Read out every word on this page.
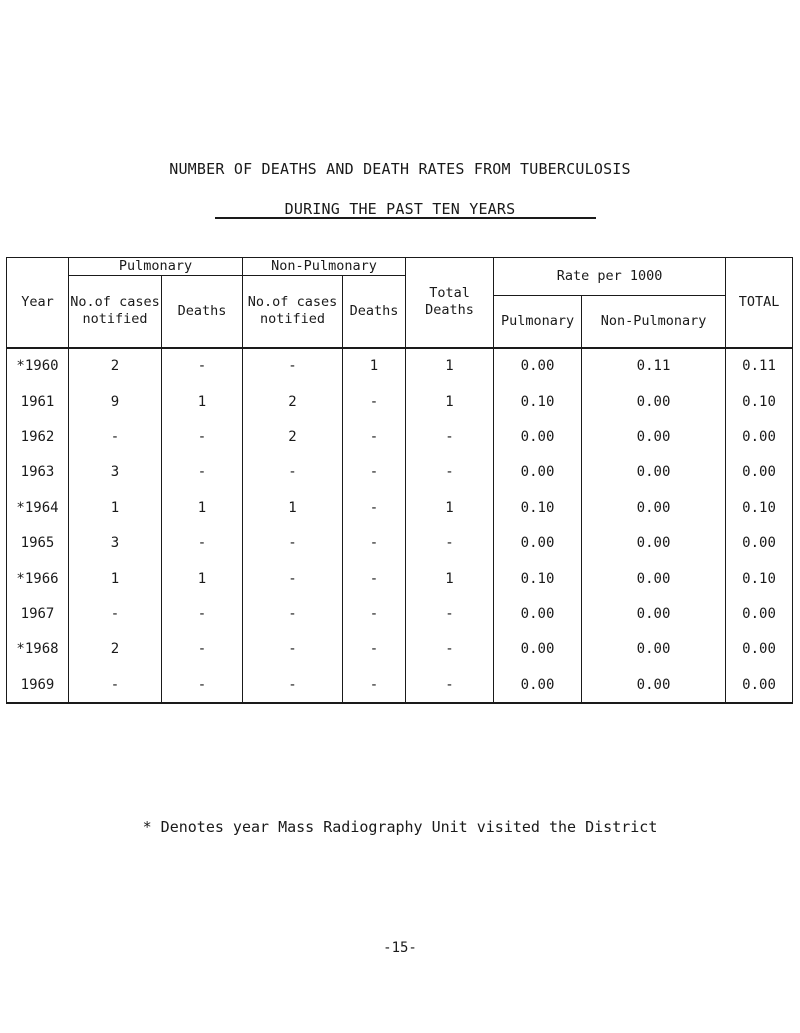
NUMBER OF DEATHS AND DEATH RATES FROM TUBERCULOSIS
DURING THE PAST TEN YEARS
Year	Pulmonary		Non-Pulmonary		Total Deaths	Rate per 1000		TOTAL
	No.of cases notified	Deaths	No.of cases notified	Deaths				
						Pulmonary	Non-Pulmonary	
*1960	2	-	-	1	1	0.00	0.11	0.11
1961	9	1	2	-	1	0.10	0.00	0.10
1962	-	-	2	-	-	0.00	0.00	0.00
1963	3	-	-	-	-	0.00	0.00	0.00
*1964	1	1	1	-	1	0.10	0.00	0.10
1965	3	-	-	-	-	0.00	0.00	0.00
*1966	1	1	-	-	1	0.10	0.00	0.10
1967	-	-	-	-	-	0.00	0.00	0.00
*1968	2	-	-	-	-	0.00	0.00	0.00
1969	-	-	-	-	-	0.00	0.00	0.00
* Denotes year Mass Radiography Unit visited the District
-15-
